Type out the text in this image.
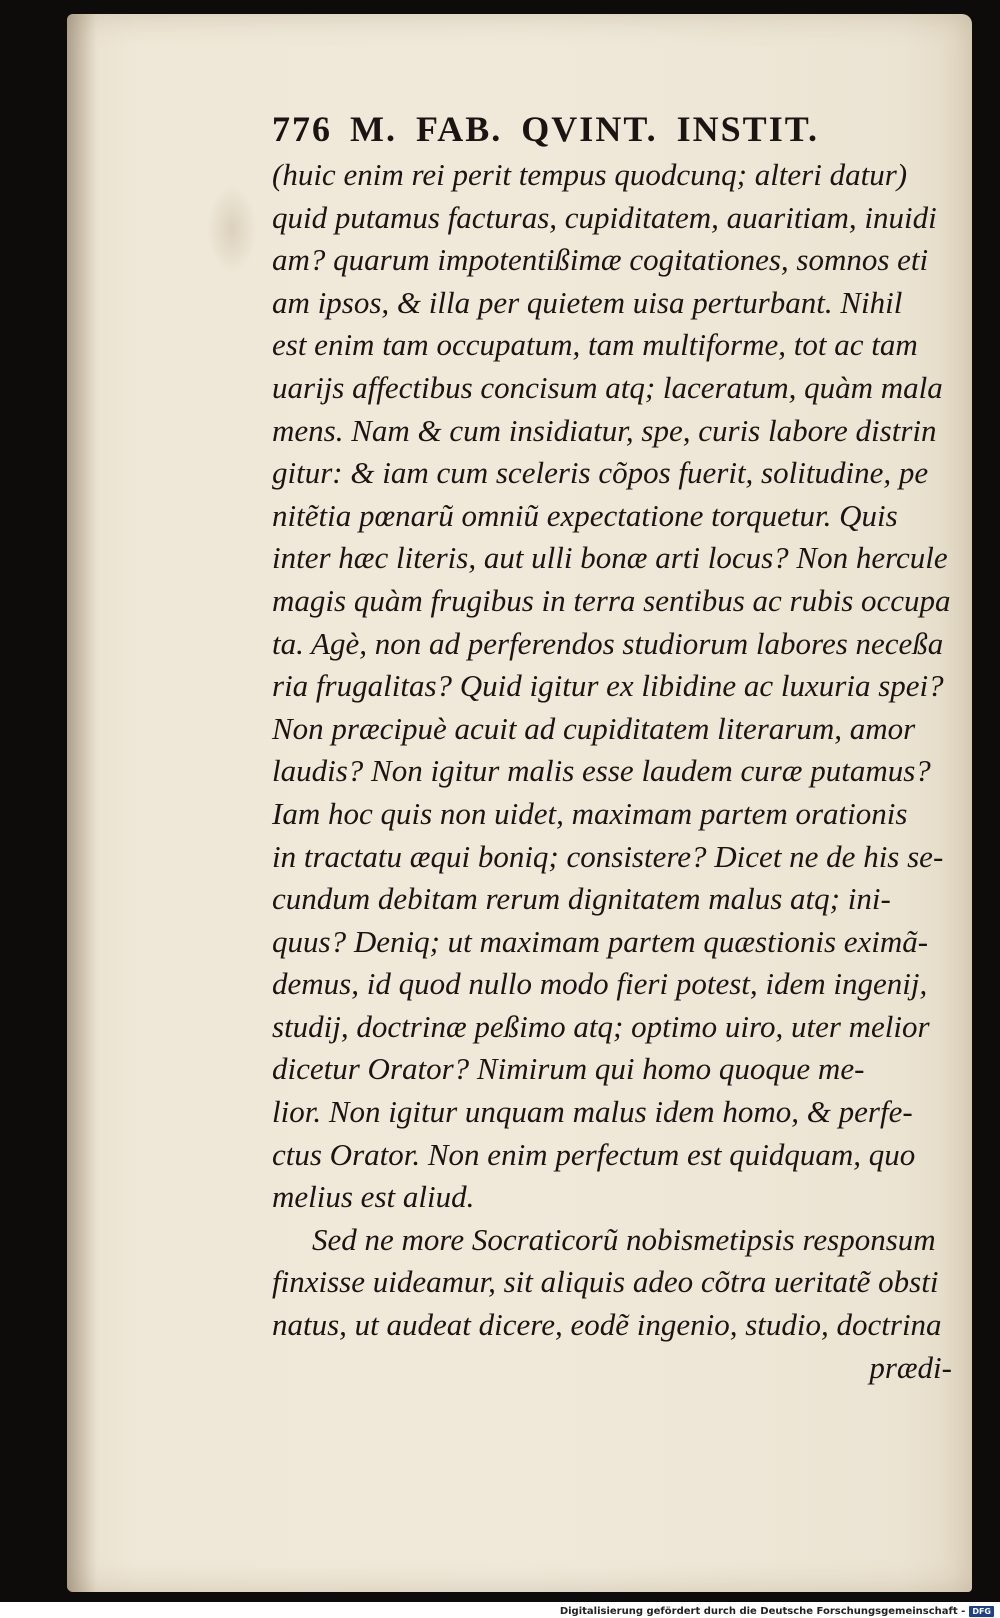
776 M. FAB. QVINT. INSTIT.
(huic enim rei perit tempus quodcunq; alteri datur)
quid putamus facturas, cupiditatem, auaritiam, inuidi
am? quarum impotentißimæ cogitationes, somnos eti
am ipsos, & illa per quietem uisa perturbant. Nihil
est enim tam occupatum, tam multiforme, tot ac tam
uarijs affectibus concisum atq; laceratum, quàm mala
mens. Nam & cum insidiatur, spe, curis labore distrin
gitur: & iam cum sceleris cõpos fuerit, solitudine, pe
nitẽtia pœnarũ omniũ expectatione torquetur. Quis
inter hæc literis, aut ulli bonæ arti locus? Non hercule
magis quàm frugibus in terra sentibus ac rubis occupa
ta. Agè, non ad perferendos studiorum labores neceßa
ria frugalitas? Quid igitur ex libidine ac luxuria spei?
Non præcipuè acuit ad cupiditatem literarum, amor
laudis? Non igitur malis esse laudem curæ putamus?
Iam hoc quis non uidet, maximam partem orationis
in tractatu æqui boniq; consistere? Dicet ne de his se-
cundum debitam rerum dignitatem malus atq; ini-
quus? Deniq; ut maximam partem quæstionis eximã-
demus, id quod nullo modo fieri potest, idem ingenij,
studij, doctrinæ peßimo atq; optimo uiro, uter melior
dicetur Orator? Nimirum qui homo quoque me-
lior. Non igitur unquam malus idem homo, & perfe-
ctus Orator. Non enim perfectum est quidquam, quo
melius est aliud.
Sed ne more Socraticorũ nobismetipsis responsum
finxisse uideamur, sit aliquis adeo cõtra ueritatẽ obsti
natus, ut audeat dicere, eodẽ ingenio, studio, doctrina
prædi-
Digitalisierung gefördert durch die Deutsche Forschungsgemeinschaft - DFG
